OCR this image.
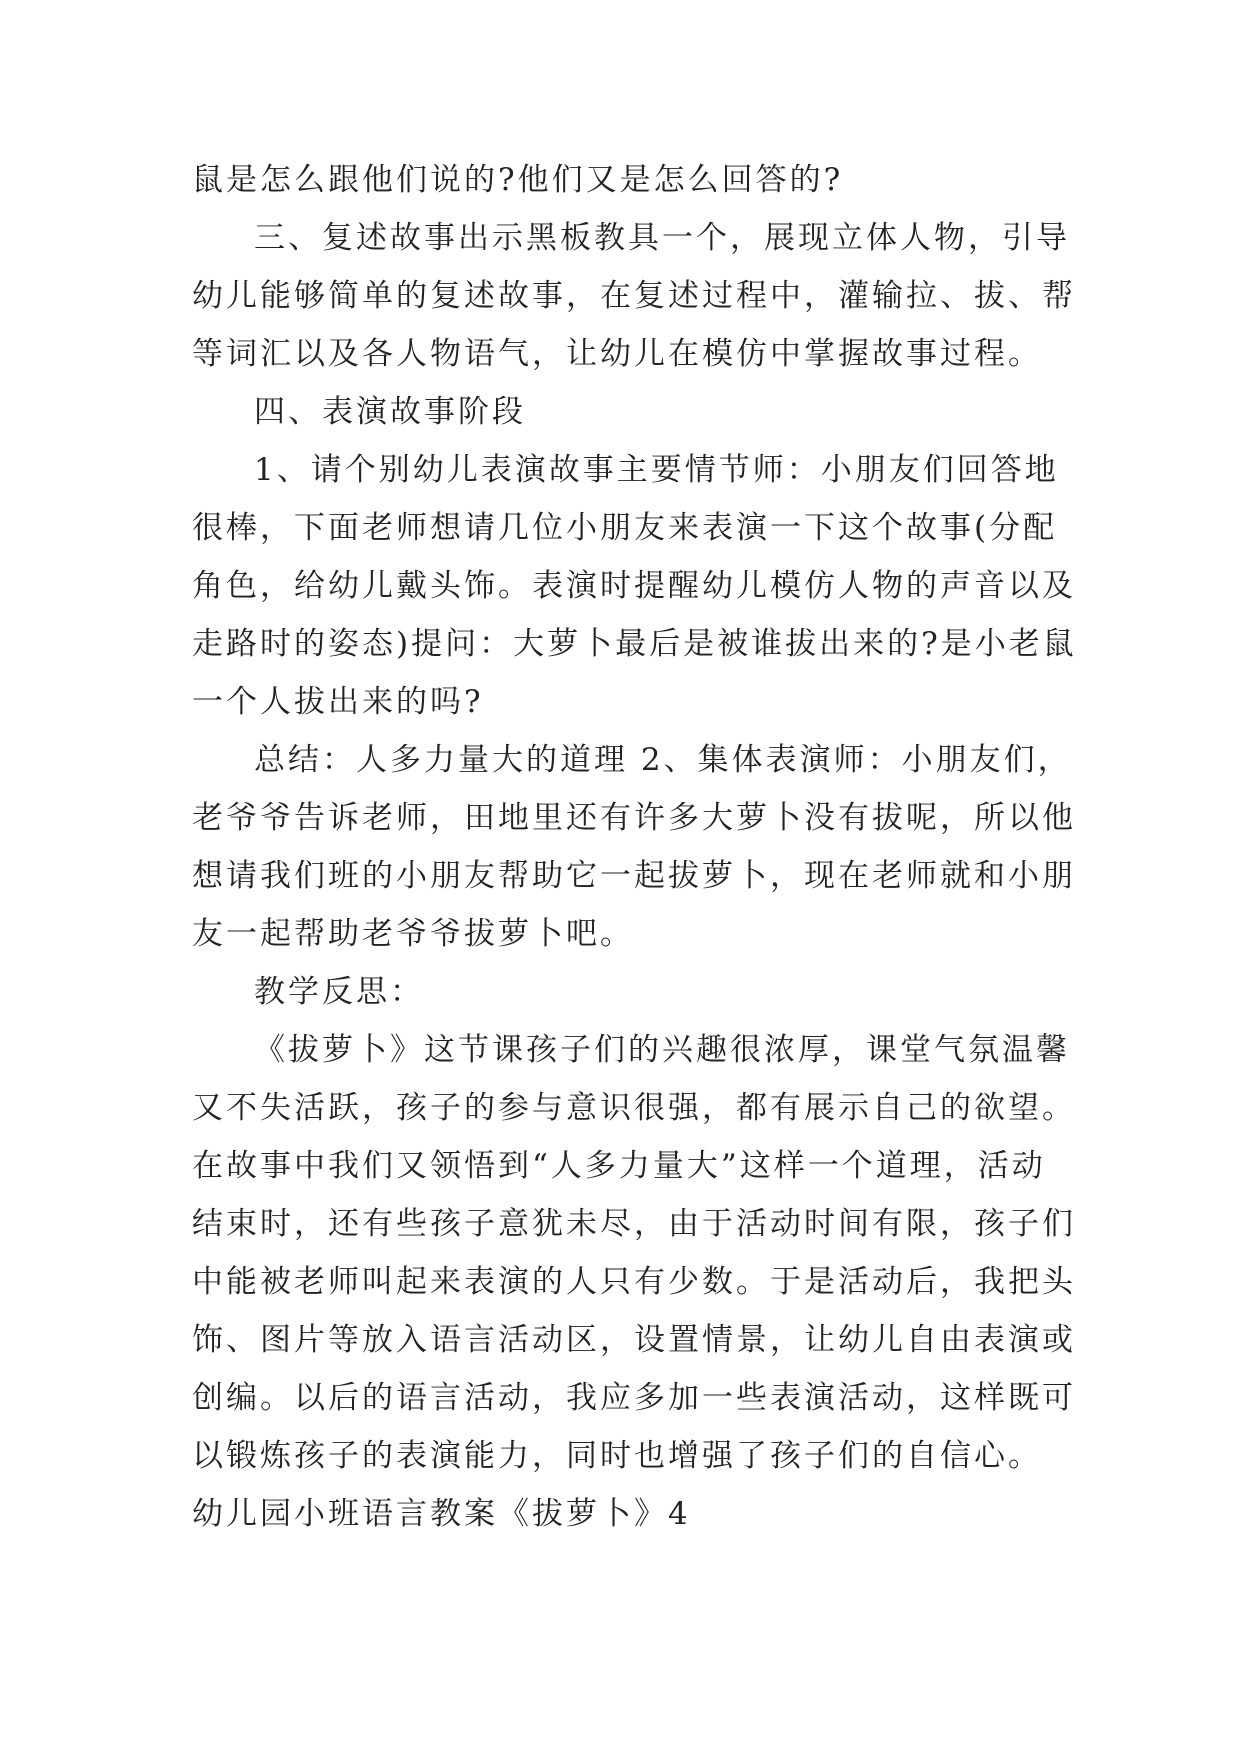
鼠是怎么跟他们说的?他们又是怎么回答的?
三、复述故事出示黑板教具一个，展现立体人物，引导
幼儿能够简单的复述故事，在复述过程中，灌输拉、拔、帮
等词汇以及各人物语气，让幼儿在模仿中掌握故事过程。
四、表演故事阶段
1、请个别幼儿表演故事主要情节师：小朋友们回答地
很棒，下面老师想请几位小朋友来表演一下这个故事(分配
角色，给幼儿戴头饰。表演时提醒幼儿模仿人物的声音以及
走路时的姿态)提问：大萝卜最后是被谁拔出来的?是小老鼠
一个人拔出来的吗?
总结：人多力量大的道理 2、集体表演师：小朋友们，
老爷爷告诉老师，田地里还有许多大萝卜没有拔呢，所以他
想请我们班的小朋友帮助它一起拔萝卜，现在老师就和小朋
友一起帮助老爷爷拔萝卜吧。
教学反思：
《拔萝卜》这节课孩子们的兴趣很浓厚，课堂气氛温馨
又不失活跃，孩子的参与意识很强，都有展示自己的欲望。
在故事中我们又领悟到“人多力量大”这样一个道理，活动
结束时，还有些孩子意犹未尽，由于活动时间有限，孩子们
中能被老师叫起来表演的人只有少数。于是活动后，我把头
饰、图片等放入语言活动区，设置情景，让幼儿自由表演或
创编。以后的语言活动，我应多加一些表演活动，这样既可
以锻炼孩子的表演能力，同时也增强了孩子们的自信心。
幼儿园小班语言教案《拔萝卜》4
